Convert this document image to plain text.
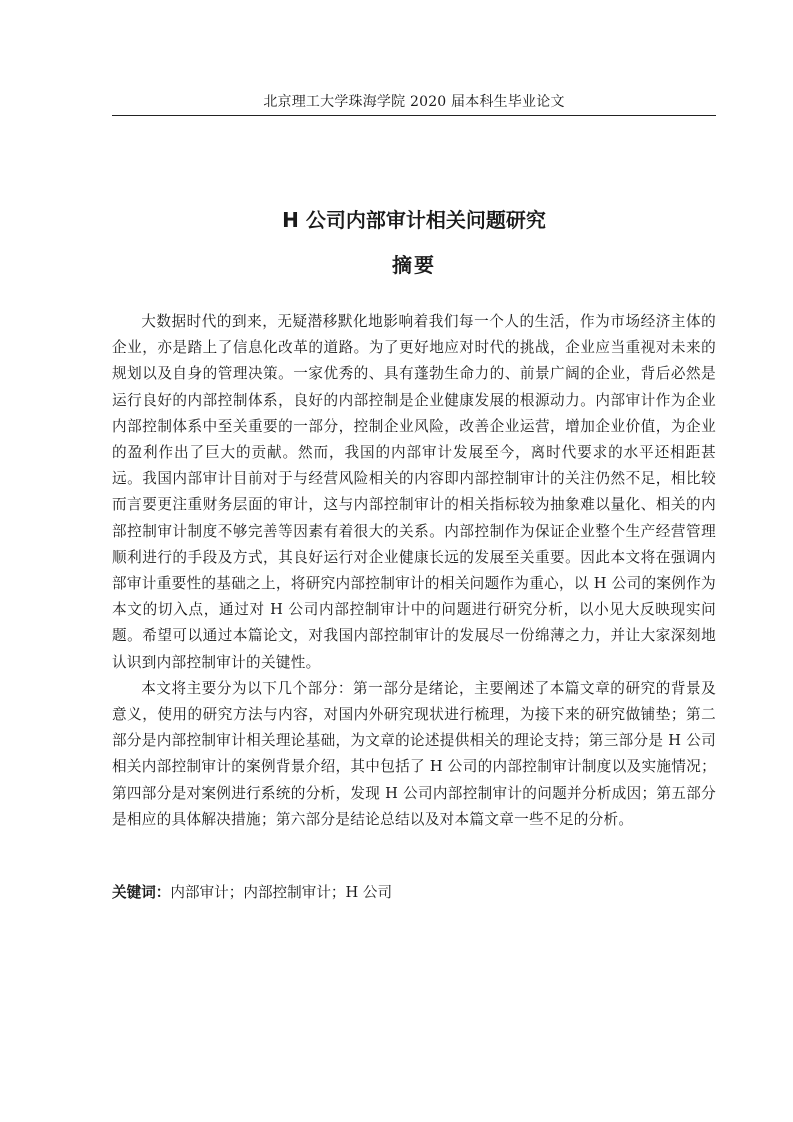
北京理工大学珠海学院 2020 届本科生毕业论文
H 公司内部审计相关问题研究
摘要

大数据时代的到来，无疑潜移默化地影响着我们每一个人的生活，作为市场经济主体的企业，亦是踏上了信息化改革的道路。为了更好地应对时代的挑战，企业应当重视对未来的规划以及自身的管理决策。一家优秀的、具有蓬勃生命力的、前景广阔的企业，背后必然是运行良好的内部控制体系，良好的内部控制是企业健康发展的根源动力。内部审计作为企业内部控制体系中至关重要的一部分，控制企业风险，改善企业运营，增加企业价值，为企业的盈利作出了巨大的贡献。然而，我国的内部审计发展至今，离时代要求的水平还相距甚远。我国内部审计目前对于与经营风险相关的内容即内部控制审计的关注仍然不足，相比较而言要更注重财务层面的审计，这与内部控制审计的相关指标较为抽象难以量化、相关的内部控制审计制度不够完善等因素有着很大的关系。内部控制作为保证企业整个生产经营管理顺利进行的手段及方式，其良好运行对企业健康长远的发展至关重要。因此本文将在强调内部审计重要性的基础之上，将研究内部控制审计的相关问题作为重心，以 H 公司的案例作为本文的切入点，通过对 H 公司内部控制审计中的问题进行研究分析，以小见大反映现实问题。希望可以通过本篇论文，对我国内部控制审计的发展尽一份绵薄之力，并让大家深刻地认识到内部控制审计的关键性。

本文将主要分为以下几个部分：第一部分是绪论，主要阐述了本篇文章的研究的背景及意义，使用的研究方法与内容，对国内外研究现状进行梳理，为接下来的研究做铺垫；第二部分是内部控制审计相关理论基础，为文章的论述提供相关的理论支持；第三部分是 H 公司相关内部控制审计的案例背景介绍，其中包括了 H 公司的内部控制审计制度以及实施情况；第四部分是对案例进行系统的分析，发现 H 公司内部控制审计的问题并分析成因；第五部分是相应的具体解决措施；第六部分是结论总结以及对本篇文章一些不足的分析。

关键词：内部审计；内部控制审计；H 公司
